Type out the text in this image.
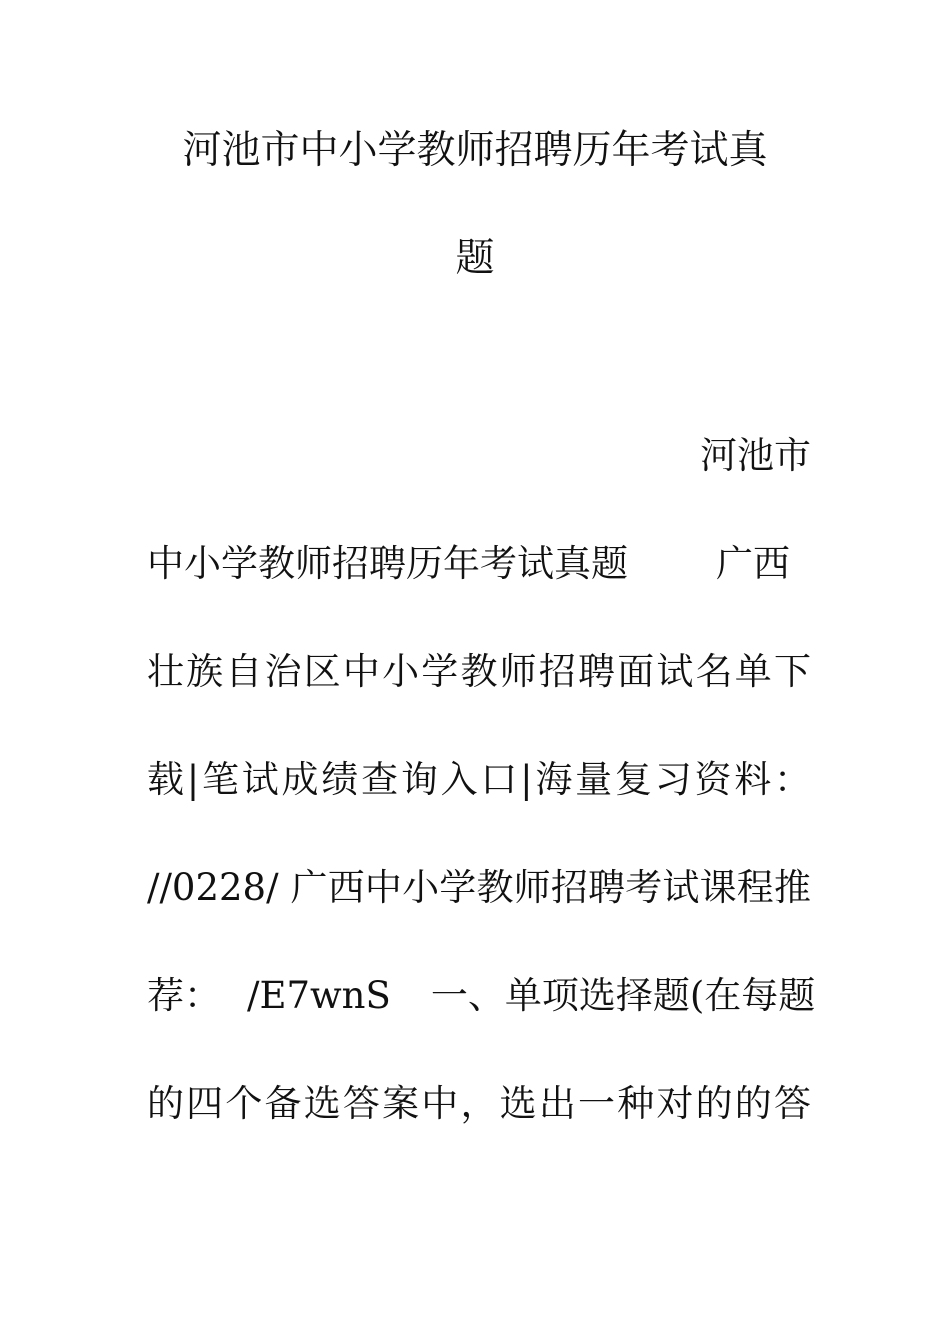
河池市中小学教师招聘历年考试真
题
河池市
中小学教师招聘历年考试真题 广西
壮族自治区中小学教师招聘面试名单下
载|笔试成绩查询入口|海量复习资料：
//0228/ 广西中小学教师招聘考试课程推
荐： /E7wnS 一、单项选择题(在每题
的四个备选答案中，选出一种对的的答
